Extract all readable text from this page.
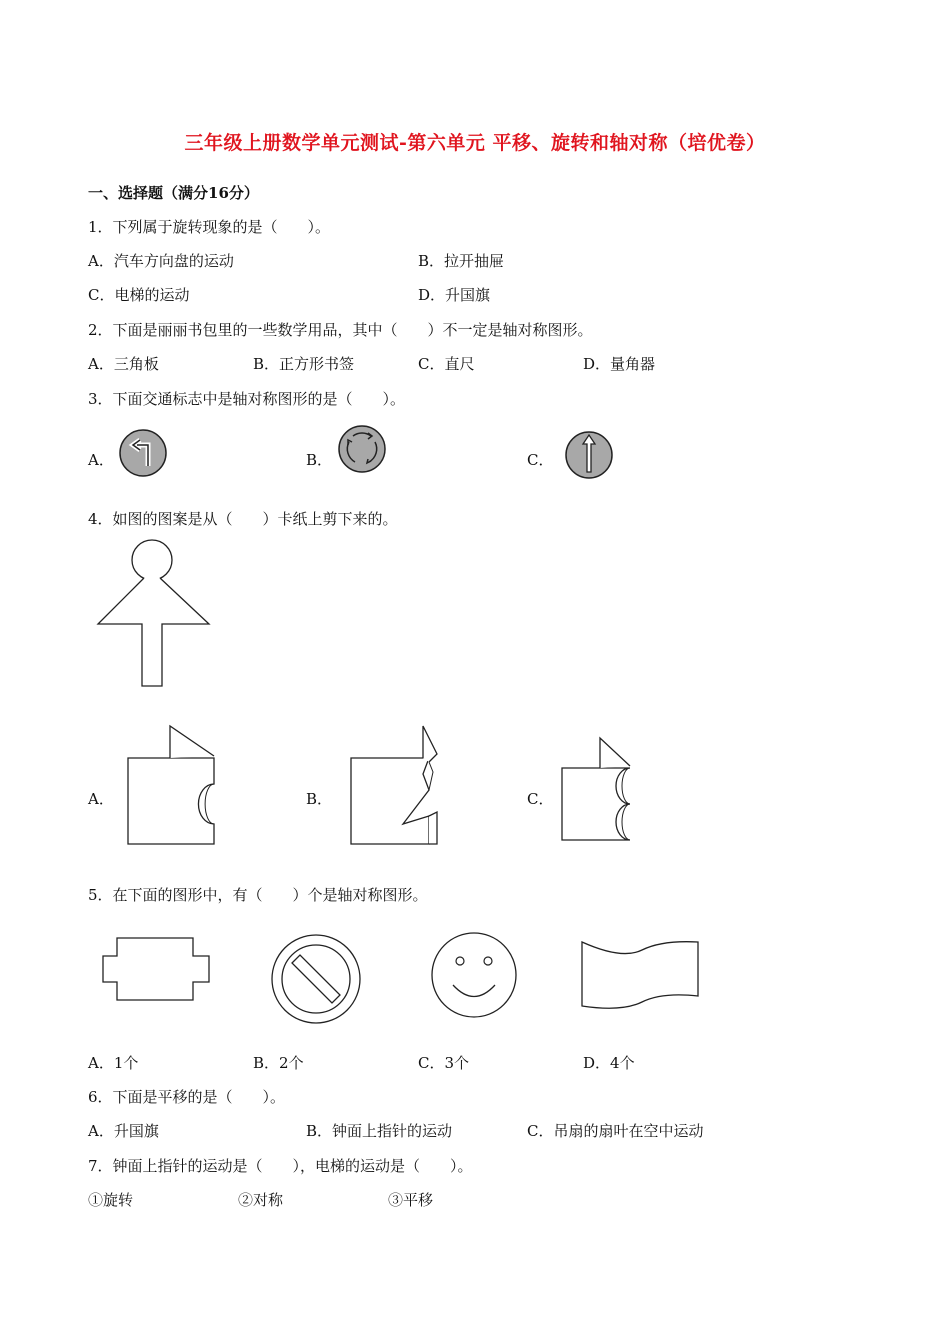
三年级上册数学单元测试-第六单元 平移、旋转和轴对称（培优卷）
一、选择题（满分16分）
1．下列属于旋转现象的是（　　）。
A．汽车方向盘的运动	B．拉开抽屉
C．电梯的运动	D．升国旗
2．下面是丽丽书包里的一些数学用品，其中（　　）不一定是轴对称图形。
A．三角板	B．正方形书签	C．直尺	D．量角器
3．下面交通标志中是轴对称图形的是（　　）。
A．	B．	C．
4．如图的图案是从（　　）卡纸上剪下来的。
A．	B．	C．
5．在下面的图形中，有（　　）个是轴对称图形。
A．1个	B．2个	C．3个	D．4个
6．下面是平移的是（　　）。
A．升国旗	B．钟面上指针的运动	C．吊扇的扇叶在空中运动
7．钟面上指针的运动是（　　），电梯的运动是（　　）。
①旋转	②对称	③平移
